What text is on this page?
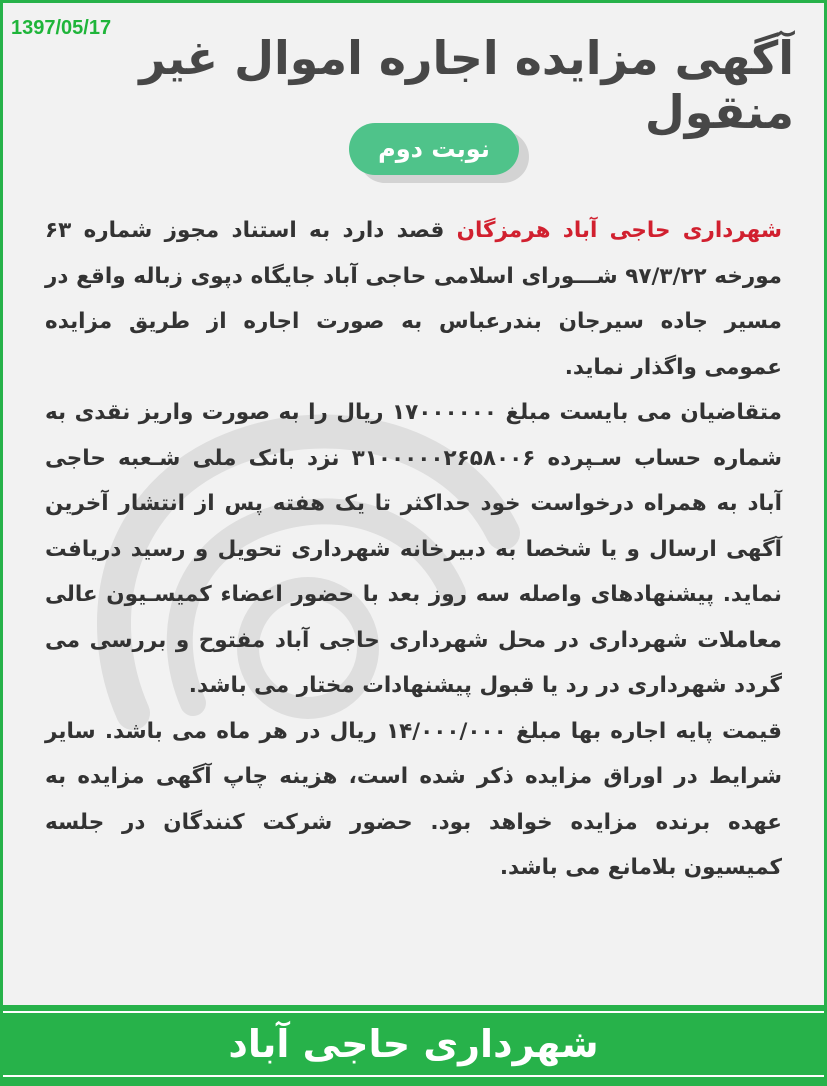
1397/05/17
آگهی مزایده اجاره اموال غیر منقول
نوبت دوم

شهرداری حاجی آباد هرمزگان قصد دارد به استناد مجوز شماره ۶۳ مورخه ۹۷/۳/۲۲ شـــورای اسلامی حاجی آباد جایگاه دپوی زباله واقع در مسیر جاده سیرجان بندرعباس به صورت اجاره از طریق مزایده عمومی واگذار نماید.

متقاضیان می بایست مبلغ ۱۷۰۰۰۰۰۰ ریال را به صورت واریز نقدی به شماره حساب سـپرده ۳۱۰۰۰۰۰۲۶۵۸۰۰۶ نزد بانک ملی شـعبه حاجی آباد به همراه درخواست خود حداکثر تا یک هفته پس از انتشار آخرین آگهی ارسال و یا شخصا به دبیرخانه شهرداری تحویل و رسید دریافت نماید. پیشنهادهای واصله سه روز بعد با حضور اعضاء کمیسـیون عالی معاملات شهرداری در محل شهرداری حاجی آباد مفتوح و بررسی می گردد شهرداری در رد یا قبول پیشنهادات مختار می باشد.

قیمت پایه اجاره بها مبلغ ۱۴/۰۰۰/۰۰۰ ریال در هر ماه می باشد. سایر شرایط در اوراق مزایده ذکر شده است، هزینه چاپ آگهی مزایده به عهده برنده مزایده خواهد بود. حضور شرکت کنندگان در جلسه کمیسیون بلامانع می باشد.

شهرداری حاجی آباد
